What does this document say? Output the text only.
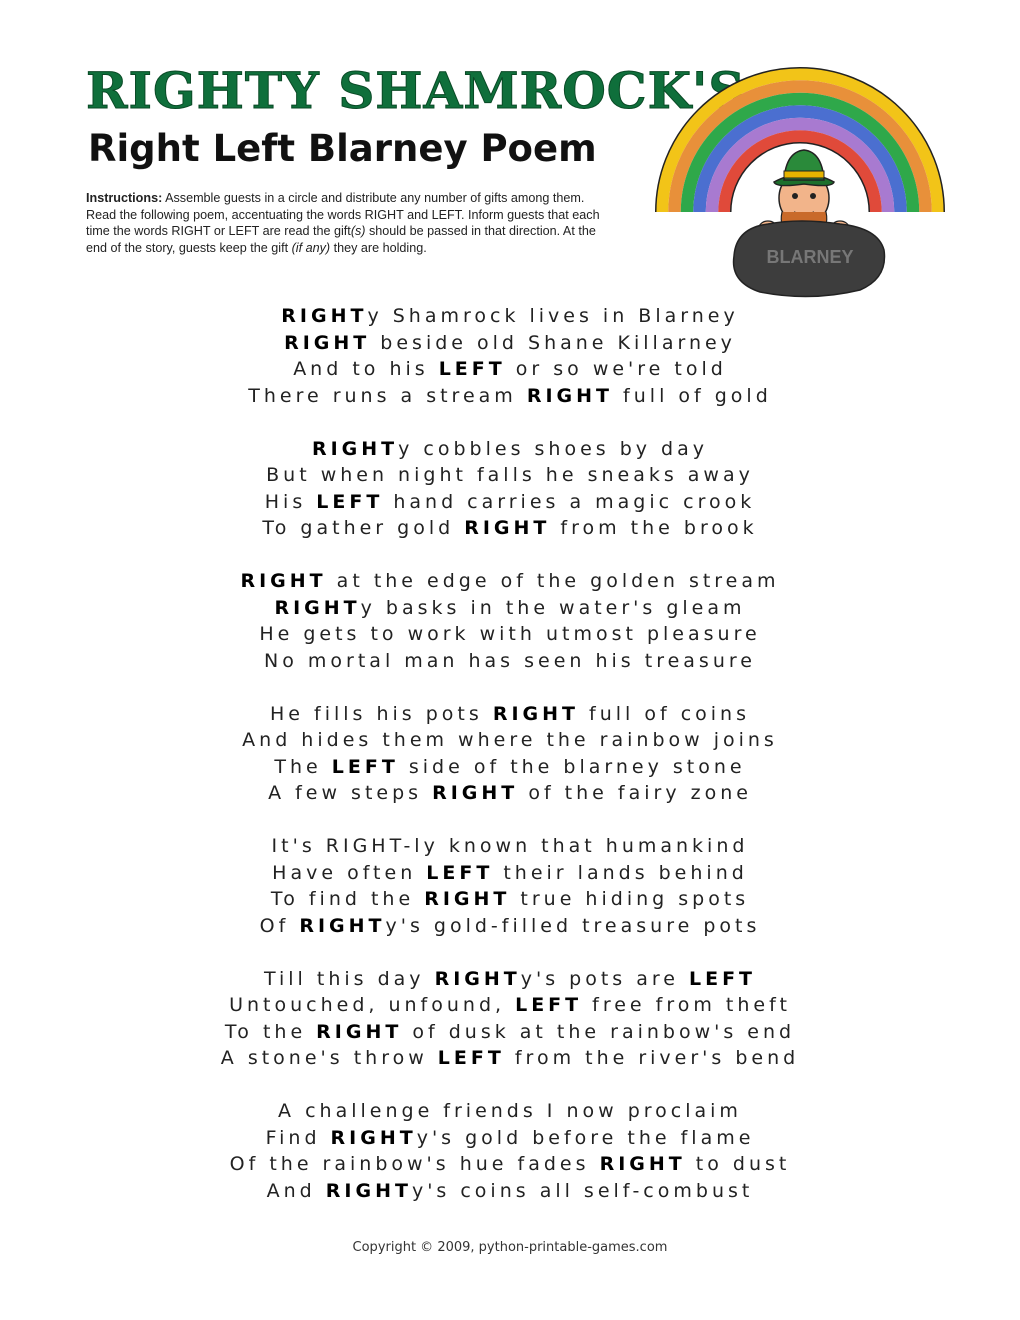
RIGHTY SHAMROCK'S
Right Left Blarney Poem

Instructions: Assemble guests in a circle and distribute any number of gifts among them. Read the following poem, accentuating the words RIGHT and LEFT. Inform guests that each time the words RIGHT or LEFT are read the gift(s) should be passed in that direction. At the end of the story, guests keep the gift (if any) they are holding.	BLARNEY
RIGHTy Shamrock lives in Blarney
RIGHT beside old Shane Killarney
And to his LEFT or so we're told
There runs a stream RIGHT full of gold
RIGHTy cobbles shoes by day
But when night falls he sneaks away
His LEFT hand carries a magic crook
To gather gold RIGHT from the brook
RIGHT at the edge of the golden stream
RIGHTy basks in the water's gleam
He gets to work with utmost pleasure
No mortal man has seen his treasure
He fills his pots RIGHT full of coins
And hides them where the rainbow joins
The LEFT side of the blarney stone
A few steps RIGHT of the fairy zone
It's RIGHT-ly known that humankind
Have often LEFT their lands behind
To find the RIGHT true hiding spots
Of RIGHTy's gold-filled treasure pots
Till this day RIGHTy's pots are LEFT
Untouched, unfound, LEFT free from theft
To the RIGHT of dusk at the rainbow's end
A stone's throw LEFT from the river's bend
A challenge friends I now proclaim
Find RIGHTy's gold before the flame
Of the rainbow's hue fades RIGHT to dust
And RIGHTy's coins all self-combust

Copyright © 2009, python-printable-games.com
